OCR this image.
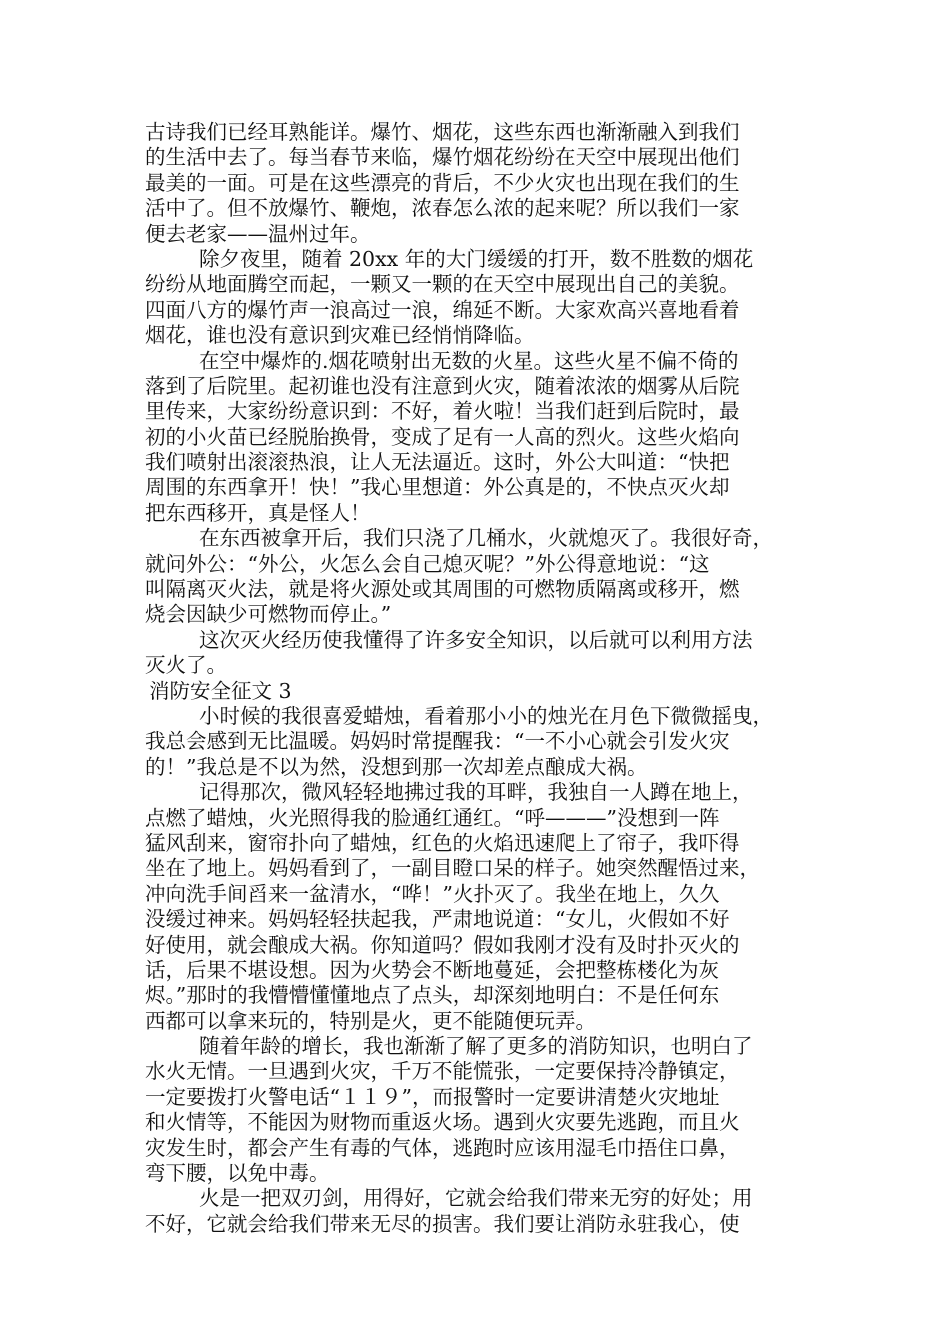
古诗我们已经耳熟能详。爆竹、烟花，这些东西也渐渐融入到我们
的生活中去了。每当春节来临，爆竹烟花纷纷在天空中展现出他们
最美的一面。可是在这些漂亮的背后，不少火灾也出现在我们的生
活中了。但不放爆竹、鞭炮，浓春怎么浓的起来呢？所以我们一家
便去老家——温州过年。
除夕夜里，随着 20xx 年的大门缓缓的打开，数不胜数的烟花
纷纷从地面腾空而起，一颗又一颗的在天空中展现出自己的美貌。
四面八方的爆竹声一浪高过一浪，绵延不断。大家欢高兴喜地看着
烟花，谁也没有意识到灾难已经悄悄降临。
在空中爆炸的.烟花喷射出无数的火星。这些火星不偏不倚的
落到了后院里。起初谁也没有注意到火灾，随着浓浓的烟雾从后院
里传来，大家纷纷意识到：不好，着火啦！当我们赶到后院时，最
初的小火苗已经脱胎换骨，变成了足有一人高的烈火。这些火焰向
我们喷射出滚滚热浪，让人无法逼近。这时，外公大叫道：“快把
周围的东西拿开！快！”我心里想道：外公真是的，不快点灭火却
把东西移开，真是怪人！
在东西被拿开后，我们只浇了几桶水，火就熄灭了。我很好奇，
就问外公：“外公，火怎么会自己熄灭呢？”外公得意地说：“这
叫隔离灭火法，就是将火源处或其周围的可燃物质隔离或移开，燃
烧会因缺少可燃物而停止。”
这次灭火经历使我懂得了许多安全知识，以后就可以利用方法
灭火了。
消防安全征文 3
小时候的我很喜爱蜡烛，看着那小小的烛光在月色下微微摇曳，
我总会感到无比温暖。妈妈时常提醒我：“一不小心就会引发火灾
的！”我总是不以为然，没想到那一次却差点酿成大祸。
记得那次，微风轻轻地拂过我的耳畔，我独自一人蹲在地上，
点燃了蜡烛，火光照得我的脸通红通红。“呼———”没想到一阵
猛风刮来，窗帘扑向了蜡烛，红色的火焰迅速爬上了帘子，我吓得
坐在了地上。妈妈看到了，一副目瞪口呆的样子。她突然醒悟过来，
冲向洗手间舀来一盆清水，“哗！”火扑灭了。我坐在地上，久久
没缓过神来。妈妈轻轻扶起我，严肃地说道：“女儿，火假如不好
好使用，就会酿成大祸。你知道吗？假如我刚才没有及时扑灭火的
话，后果不堪设想。因为火势会不断地蔓延，会把整栋楼化为灰
烬。”那时的我懵懵懂懂地点了点头，却深刻地明白：不是任何东
西都可以拿来玩的，特别是火，更不能随便玩弄。
随着年龄的增长，我也渐渐了解了更多的消防知识，也明白了
水火无情。一旦遇到火灾，千万不能慌张，一定要保持冷静镇定，
一定要拨打火警电话“１１９”，而报警时一定要讲清楚火灾地址
和火情等，不能因为财物而重返火场。遇到火灾要先逃跑，而且火
灾发生时，都会产生有毒的气体，逃跑时应该用湿毛巾捂住口鼻，
弯下腰，以免中毒。
火是一把双刃剑，用得好，它就会给我们带来无穷的好处；用
不好，它就会给我们带来无尽的损害。我们要让消防永驻我心，使
